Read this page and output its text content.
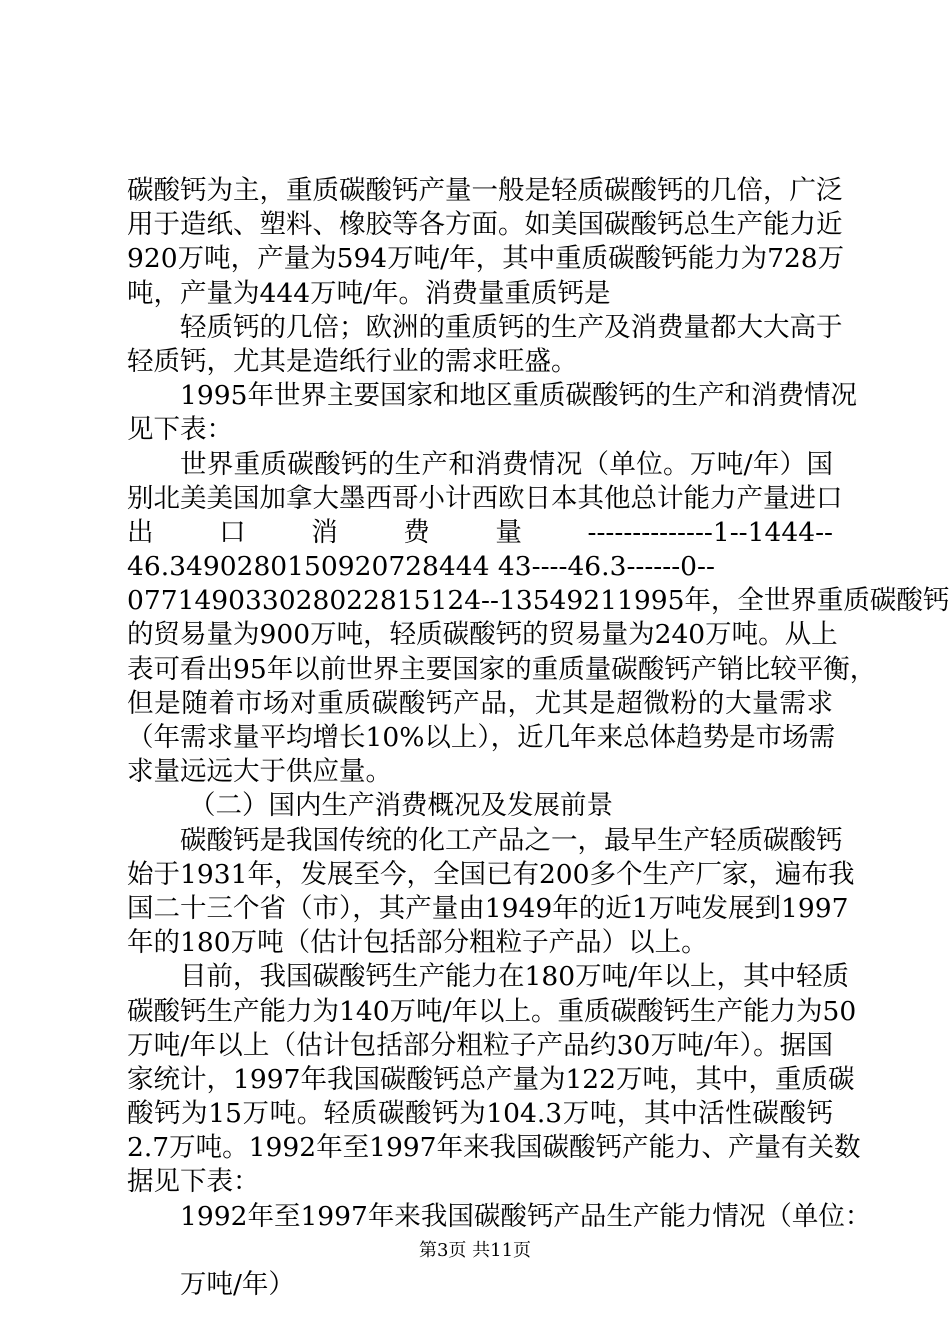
碳酸钙为主，重质碳酸钙产量一般是轻质碳酸钙的几倍，广泛
用于造纸、塑料、橡胶等各方面。如美国碳酸钙总生产能力近
920万吨，产量为594万吨/年，其中重质碳酸钙能力为728万
吨，产量为444万吨/年。消费量重质钙是
轻质钙的几倍；欧洲的重质钙的生产及消费量都大大高于
轻质钙，尤其是造纸行业的需求旺盛。
1995年世界主要国家和地区重质碳酸钙的生产和消费情况
见下表：
世界重质碳酸钙的生产和消费情况（单位。万吨/年）国
别北美美国加拿大墨西哥小计西欧日本其他总计能力产量进口
出　　口　　消　　费　　量　　--------------1--1444--
46.3490280150920728444 43----46.3------0--
077149033028022815124--13549211995年，全世界重质碳酸钙
的贸易量为900万吨，轻质碳酸钙的贸易量为240万吨。从上
表可看出95年以前世界主要国家的重质量碳酸钙产销比较平衡，
但是随着市场对重质碳酸钙产品，尤其是超微粉的大量需求
（年需求量平均增长10%以上），近几年来总体趋势是市场需
求量远远大于供应量。
（二）国内生产消费概况及发展前景
碳酸钙是我国传统的化工产品之一，最早生产轻质碳酸钙
始于1931年，发展至今，全国已有200多个生产厂家，遍布我
国二十三个省（市），其产量由1949年的近1万吨发展到1997
年的180万吨（估计包括部分粗粒子产品）以上。
目前，我国碳酸钙生产能力在180万吨/年以上，其中轻质
碳酸钙生产能力为140万吨/年以上。重质碳酸钙生产能力为50
万吨/年以上（估计包括部分粗粒子产品约30万吨/年）。据国
家统计，1997年我国碳酸钙总产量为122万吨，其中，重质碳
酸钙为15万吨。轻质碳酸钙为104.3万吨，其中活性碳酸钙
2.7万吨。1992年至1997年来我国碳酸钙产能力、产量有关数
据见下表：
1992年至1997年来我国碳酸钙产品生产能力情况（单位：
万吨/年）
第3页 共11页
